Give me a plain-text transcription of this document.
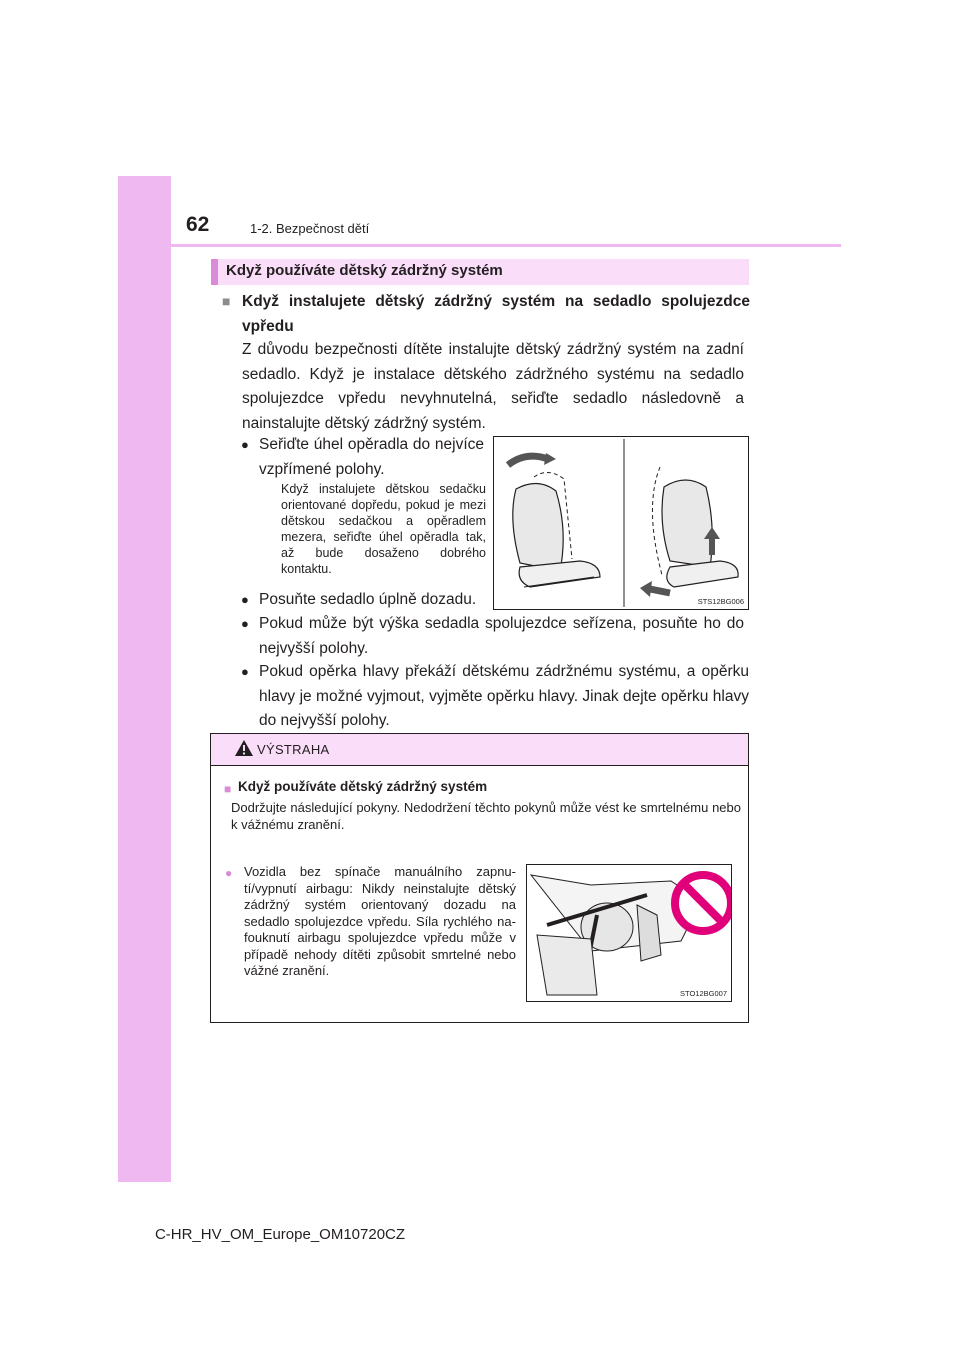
62	1-2. Bezpečnost dětí
Když používáte dětský zádržný systém
■ Když instalujete dětský zádržný systém na sedadlo spolujezdce vpředu
Z důvodu bezpečnosti dítěte instalujte dětský zádržný systém na zadní sedadlo. Když je instalace dětského zádržného systému na sedadlo spolujezdce vpředu nevyhnutelná, seřiďte sedadlo následovně a nainstalujte dětský zádržný systém.
● Seřiďte úhel opěradla do nejvíce vzpřímené polohy.
Když instalujete dětskou sedačku orientované dopředu, pokud je mezi dětskou sedačkou a opěradlem mezera, seřiďte úhel opěradla tak, až bude dosaženo dobrého kontaktu.
● Posuňte sedadlo úplně dozadu.
● Pokud může být výška sedadla spolujezdce seřízena, posuňte ho do nejvyšší polohy.
● Pokud opěrka hlavy překáží dětskému zádržnému systému, a opěrku hlavy je možné vyjmout, vyjměte opěrku hlavy. Jinak dejte opěrku hlavy do nejvyšší polohy.
STS12BG006
VÝSTRAHA
■ Když používáte dětský zádržný systém
Dodržujte následující pokyny. Nedodržení těchto pokynů může vést ke smrtelnému nebo k vážnému zranění.
● Vozidla bez spínače manuálního zapnutí/vypnutí airbagu: Nikdy neinstalujte dětský zádržný systém orientovaný dozadu na sedadlo spolujezdce vpředu. Síla rychlého nafouknutí airbagu spolujezdce vpředu může v případě nehody dítěti způsobit smrtelné nebo vážné zranění.
STO12BG007
C-HR_HV_OM_Europe_OM10720CZ
